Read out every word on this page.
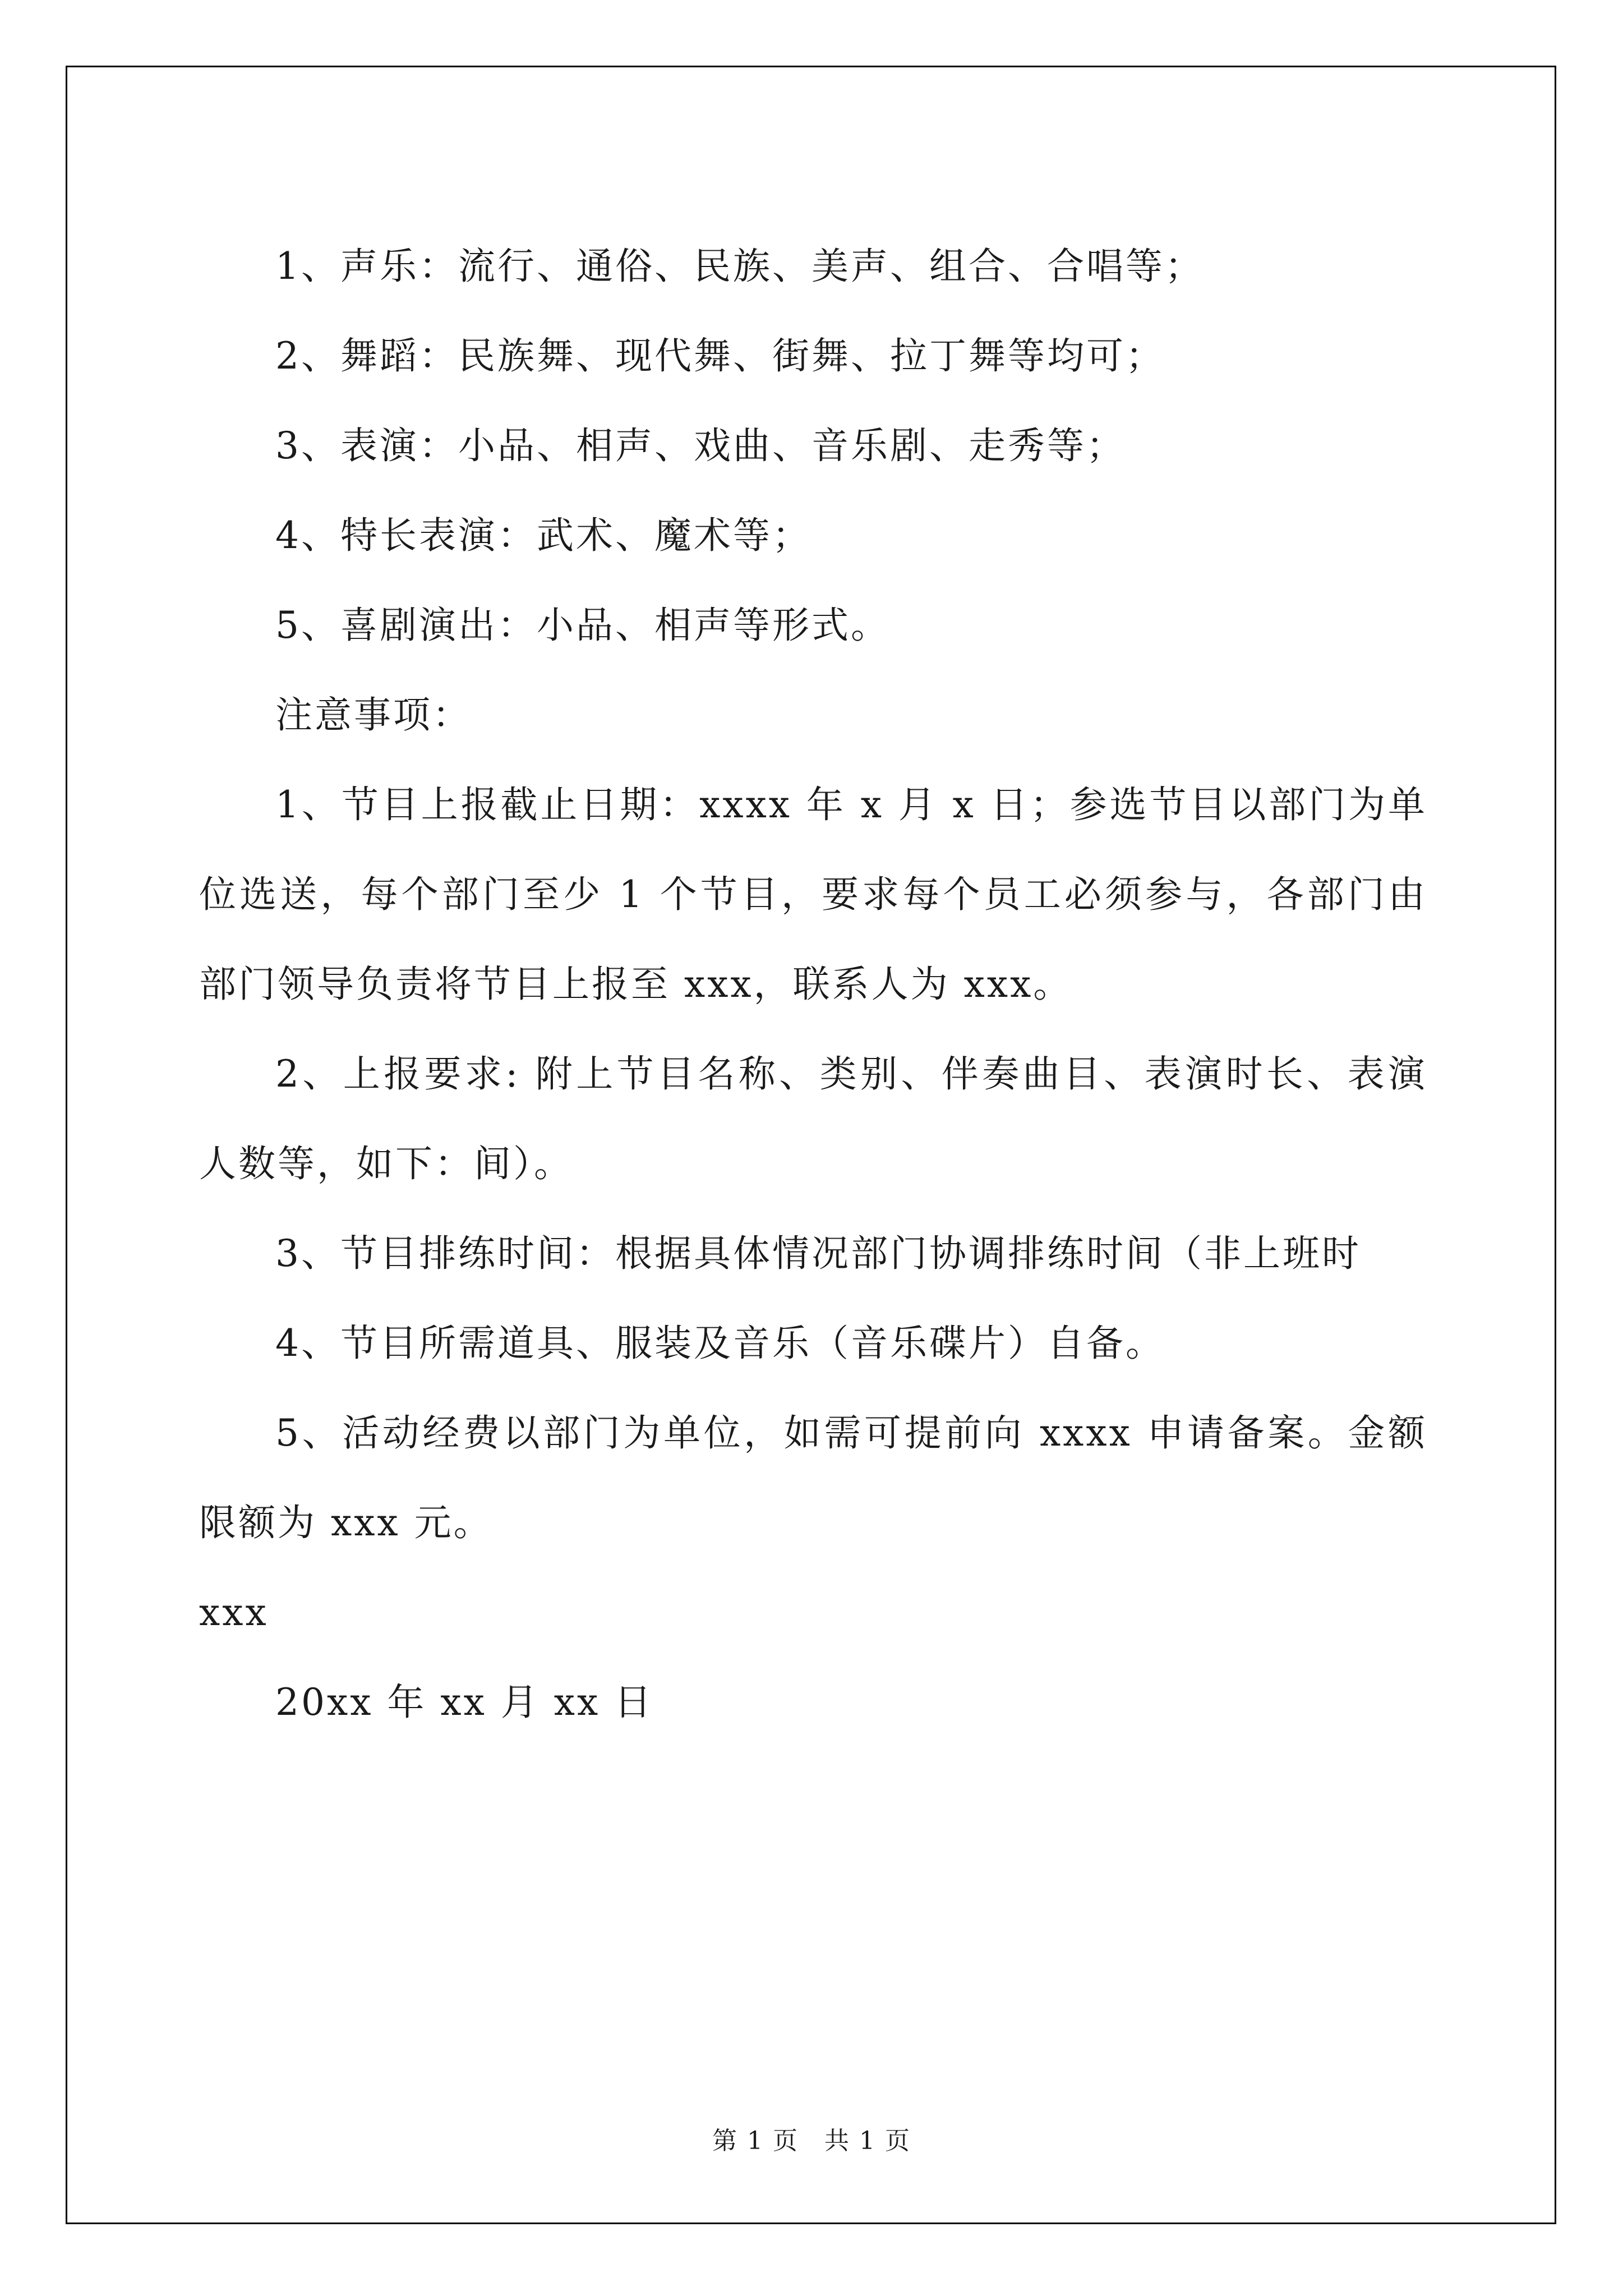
1、声乐：流行、通俗、民族、美声、组合、合唱等；
2、舞蹈：民族舞、现代舞、街舞、拉丁舞等均可；
3、表演：小品、相声、戏曲、音乐剧、走秀等；
4、特长表演：武术、魔术等；
5、喜剧演出：小品、相声等形式。
注意事项：
1、节目上报截止日期：xxxx 年 x 月 x 日；参选节目以部门为单
位选送，每个部门至少 1 个节目，要求每个员工必须参与，各部门由
部门领导负责将节目上报至 xxx，联系人为 xxx。
2、上报要求: 附上节目名称、类别、伴奏曲目、表演时长、表演
人数等，如下：间）。
3、节目排练时间：根据具体情况部门协调排练时间（非上班时
4、节目所需道具、服装及音乐（音乐碟片）自备。
5、活动经费以部门为单位，如需可提前向 xxxx 申请备案。金额
限额为 xxx 元。
xxx
20xx 年 xx 月 xx 日
第 1 页　共 1 页
